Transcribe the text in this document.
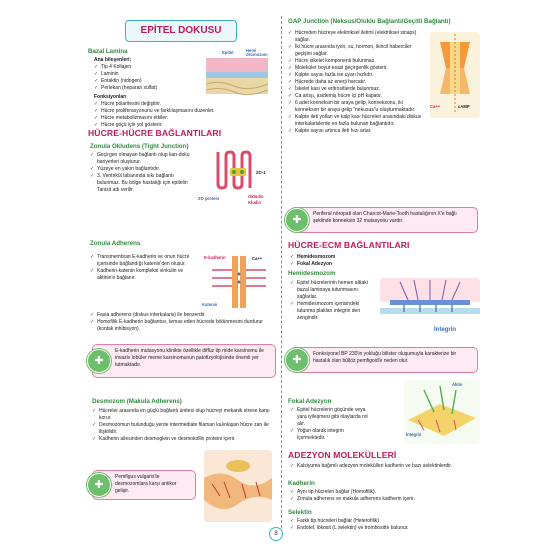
EPİTEL DOKUSU
Bazal Lamina
Ana bileşenleri;
✓ Tip 4 Kollajen
✓ Laminin
✓ Entaktin (nidogen)
✓ Perlekan (heparan sülfat)
Fonksiyonları
✓ Hücre polaritesini değiştirir.
✓ Hücre proliferasyonunu ve farklılaşmasını düzenler.
✓ Hücre metabolizmasını etkiler.
✓ Hücre göçü için yol gösterir.
Epitel	Hemi dezmozom
HÜCRE-HÜCRE BAĞLANTILARI
Zonula Okludens (Tight Junction)
✓ Geçirgen olmayan bağlantı olup kan-doku bariyerleri oluşturur.
✓ Yüzeye en yakın bağlantıdır.
✓ 3. Ventrikül tabanında sıkı bağlantı bulunmaz. Bu bölge hastalığı için epitelin Tanisit adı verilir.
ZO-1
Okludin
Kludin
ZO protein
Zonula Adherens
✓ Transmembran E-kadherin ve onun hücre içerisinde bağlandığı katenin'den oluşur.
✓ Kadherin-katenin kompleksi vinkulin ve aktinin'e bağlanır.
E-kadherin	Ca++
Katenin
✓ Fasia adherens (diskus interkalaris) ile benzerdir.
✓ Homofilik E-kadherin bağlantısı, temas eden hücrede bölünmesini durdurur (kontak inhibisyon).
✚
E-kadherin mutasyonu klinikte özellikle diffüz tip mide karsinomu ile invaziv lobüler meme karsinomunun patofizyolojisinde önemli yer tutmaktadır.
Desmozom (Makula Adherens)
✓ Hücreler arasında en güçlü bağlantı ünitesi olup hücreyi mekanik strese karşı korur.
✓ Desmozomun bulunduğu yerde intermediate filaman kalınlaşan hücre zarı ile ilişkilidir.
✓ Kadherin ailesinden desmoglein ve desmokollin proteini içerir.
✚
Pemfigus vulgaris'te desmozomlara karşı antikor gelişir.
GAP Junction (Neksus/Oluklu Bağlantı/Geçitli Bağlantı)
✓ Hücreden hücreye elektriksel iletimi (elektriksel sinaps) sağlar.
✓ İki hücre arasında iyon, su, hormon, ikincil haberciler geçişini sağlar.
✓ Hücre iskelet komponenti bulunmaz.
✓ Moleküler boyut esasl geçirgenlik gösterir.
✓ Kalpte sayısı fazla ise uyarı hızlıdır.
✓ Hücrede daha az enerji harcatır.
✓ İskelet kası ve eritrositlerde bulunmaz.
✓ Ca artışı, asidemiş hücre içi pH kapatır.
✓ 6 adet konneksin bir araya gelip, konneksonu, iki konnekson bir araya gelip "nekusus"u oluşturmaktadır.
✓ Kalpte ileti yolları ve kalp kası hücreleri arasındaki diskus interkalarislerde en fazla bulunan bağlantıdır.
✓ Kalpte sayısı artınca ileti hızı artar.
Ca++	cAMP
✚	Periferal nöropati olan Charcot-Marie-Tooth hastalığının X'e bağlı şeklinde konneksin 32 mutasyonu vardır.
HÜCRE-ECM BAĞLANTILARI
✓ Hemidesmozom
✓ Fokal Adezyon
Hemidesmozom
✓ Epitel hücrelerinin hemen alttaki bazal laminaya tutunmasını sağlarlar.
✓ Hemidesmozom içerisindeki tutunma plakları integrin den zengindir.
İntegrin
✚	Fonksiyonel BP 230'in yokluğu bilister oluşumuyla karakterize bir hastalık olan büllöz pemfigoid'e neden olur.
Fokal Adezyon
✓ Epitel hücrelerin göçünde veya yara iyileşmesi gibi olaylarda rol alır.
✓ Yoğun olarak integrin içermektedir.
Aktin
İntegrin
ADEZYON MOLEKÜLLERİ
✓ Kalsiyuma bağımlı adezyon molekülleri kadherin ve bazı selektinlerdir.
Kadherin
✓ Aynı tip hücreleri bağlar (Homofilik).
✓ Zonula adherens ve makula adherens kadherin içerir.
Selektin
✓ Farklı tip hücreleri bağlar (Heterofilik)
✓ Endotel, lökosit (L selektin) ve trombositte bulunur.
8
